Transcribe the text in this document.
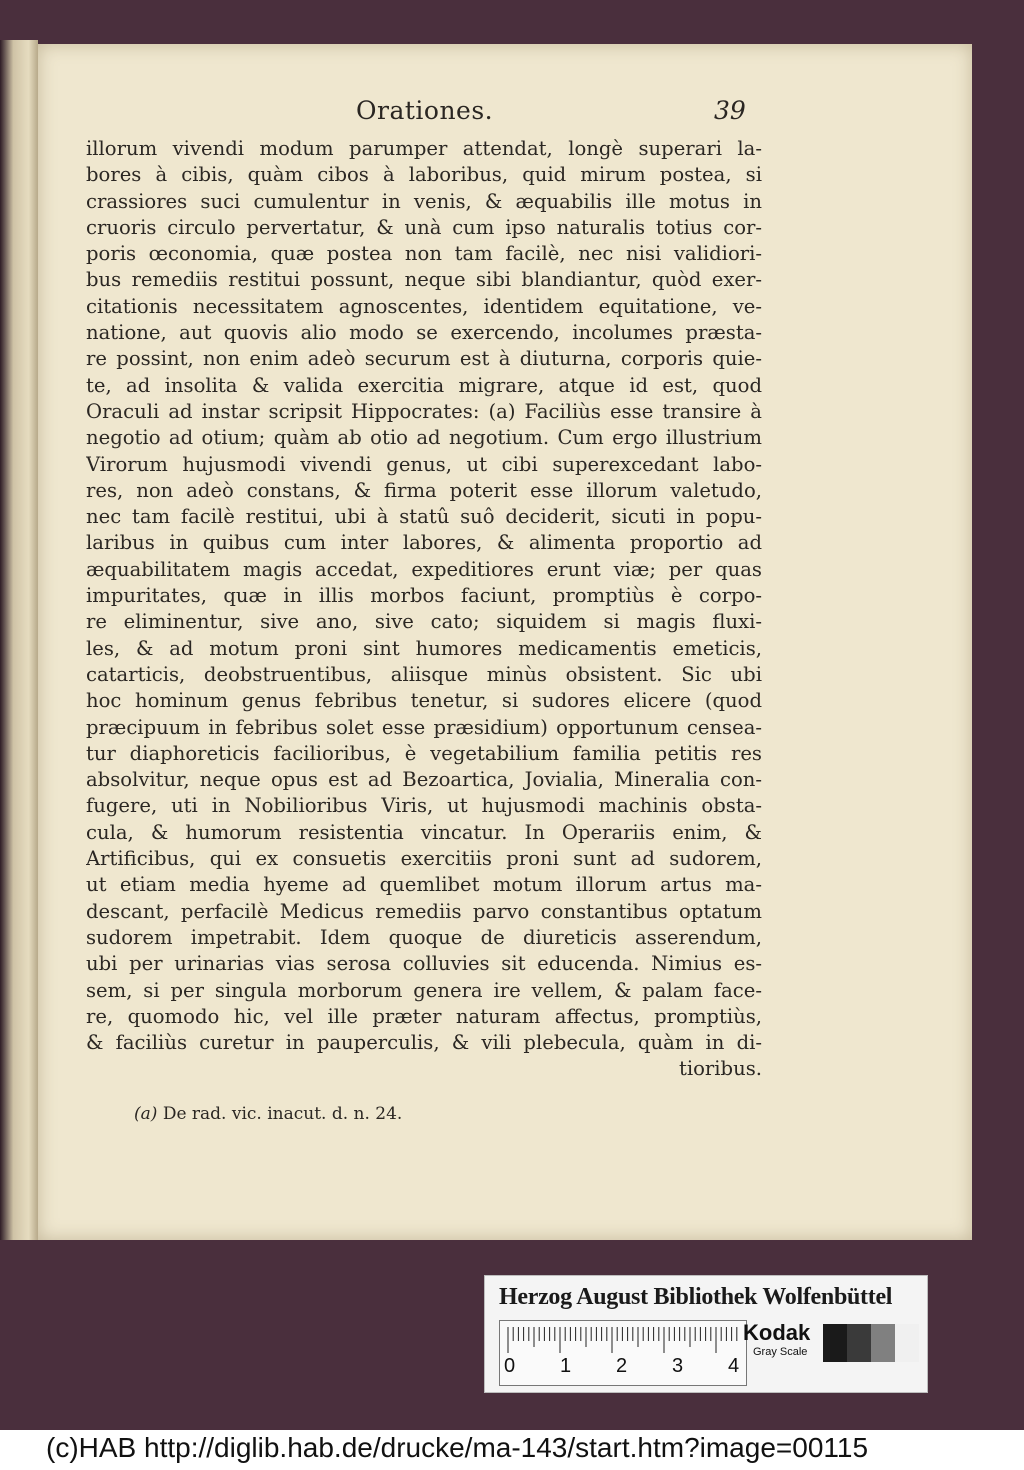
Orationes.	39
illorum vivendi modum parumper attendat, longè superari la-
bores à cibis, quàm cibos à laboribus, quid mirum postea, si
crassiores suci cumulentur in venis, & æquabilis ille motus in
cruoris circulo pervertatur, & unà cum ipso naturalis totius cor-
poris œconomia, quæ postea non tam facilè, nec nisi validiori-
bus remediis restitui possunt, neque sibi blandiantur, quòd exer-
citationis necessitatem agnoscentes, identidem equitatione, ve-
natione, aut quovis alio modo se exercendo, incolumes præsta-
re possint, non enim adeò securum est à diuturna, corporis quie-
te, ad insolita & valida exercitia migrare, atque id est, quod
Oraculi ad instar scripsit Hippocrates: (a) Faciliùs esse transire à
negotio ad otium; quàm ab otio ad negotium. Cum ergo illustrium
Virorum hujusmodi vivendi genus, ut cibi superexcedant labo-
res, non adeò constans, & firma poterit esse illorum valetudo,
nec tam facilè restitui, ubi à statû suô deciderit, sicuti in popu-
laribus in quibus cum inter labores, & alimenta proportio ad
æquabilitatem magis accedat, expeditiores erunt viæ; per quas
impuritates, quæ in illis morbos faciunt, promptiùs è corpo-
re eliminentur, sive ano, sive cato; siquidem si magis fluxi-
les, & ad motum proni sint humores medicamentis emeticis,
catarticis, deobstruentibus, aliisque minùs obsistent. Sic ubi
hoc hominum genus febribus tenetur, si sudores elicere (quod
præcipuum in febribus solet esse præsidium) opportunum censea-
tur diaphoreticis facilioribus, è vegetabilium familia petitis res
absolvitur, neque opus est ad Bezoartica, Jovialia, Mineralia con-
fugere, uti in Nobilioribus Viris, ut hujusmodi machinis obsta-
cula, & humorum resistentia vincatur. In Operariis enim, &
Artificibus, qui ex consuetis exercitiis proni sunt ad sudorem,
ut etiam media hyeme ad quemlibet motum illorum artus ma-
descant, perfacilè Medicus remediis parvo constantibus optatum
sudorem impetrabit. Idem quoque de diureticis asserendum,
ubi per urinarias vias serosa colluvies sit educenda. Nimius es-
sem, si per singula morborum genera ire vellem, & palam face-
re, quomodo hic, vel ille præter naturam affectus, promptiùs,
& faciliùs curetur in pauperculis, & vili plebecula, quàm in di-
tioribus.
(a) De rad. vic. inacut. d. n. 24.
Herzog August Bibliothek Wolfenbüttel
0 1 2 3 4
Kodak
Gray Scale
(c)HAB http://diglib.hab.de/drucke/ma-143/start.htm?image=00115
